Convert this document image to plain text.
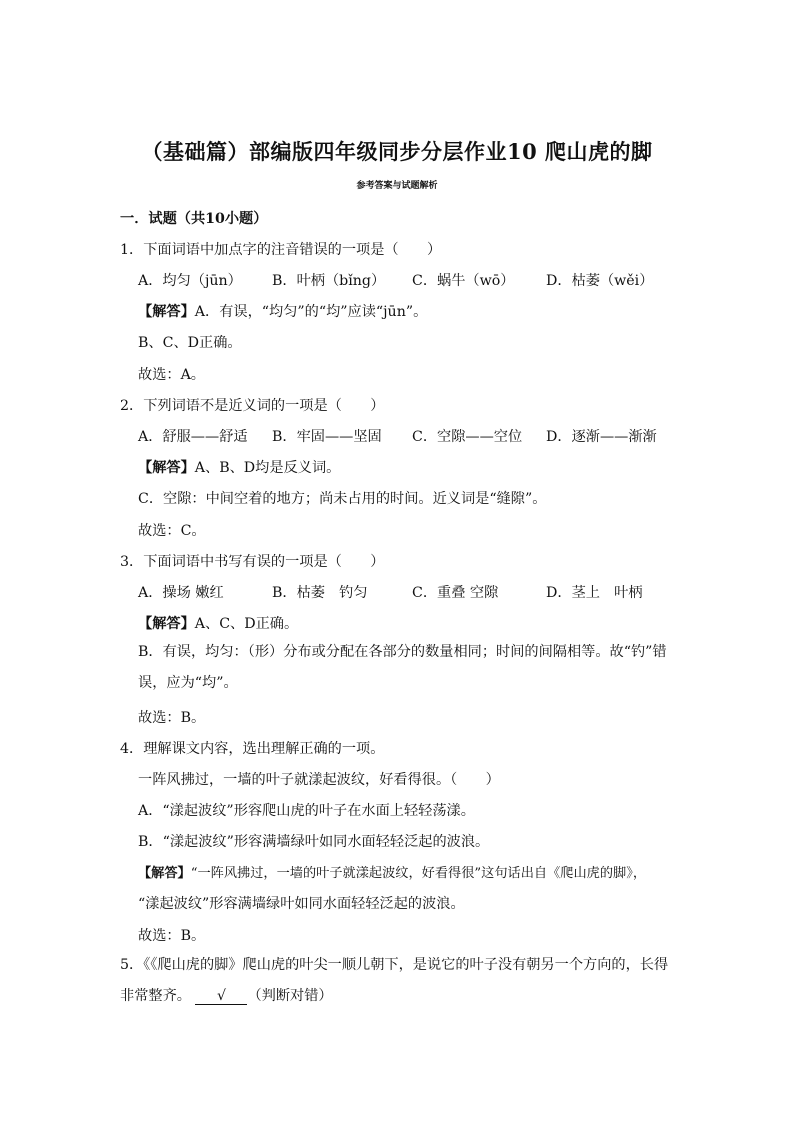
（基础篇）部编版四年级同步分层作业10 爬山虎的脚
参考答案与试题解析
一．试题（共10小题）
1．下面词语中加点字的注音错误的一项是（　　）
A．均匀（jūn） B．叶柄（bǐng） C．蜗牛（wō） D．枯萎（wěi）
【解答】A．有误，“均匀”的“均”应读“jūn”。
B、C、D正确。
故选：A。
2．下列词语不是近义词的一项是（　　）
A．舒服——舒适 B．牢固——坚固 C．空隙——空位 D．逐渐——渐渐
【解答】A、B、D均是反义词。
C．空隙：中间空着的地方；尚未占用的时间。近义词是“缝隙”。
故选：C。
3．下面词语中书写有误的一项是（　　）
A．操场 嫩红	B．枯萎　钓匀	C．重叠 空隙	D．茎上　叶柄
【解答】A、C、D正确。
B．有误，均匀：（形）分布或分配在各部分的数量相同；时间的间隔相等。故“钓”错误，应为“均”。
故选：B。
4．理解课文内容，选出理解正确的一项。
一阵风拂过，一墙的叶子就漾起波纹，好看得很。（　　）
A．“漾起波纹”形容爬山虎的叶子在水面上轻轻荡漾。
B．“漾起波纹”形容满墙绿叶如同水面轻轻泛起的波浪。
【解答】“一阵风拂过，一墙的叶子就漾起波纹，好看得很”这句话出自《爬山虎的脚》，
“漾起波纹”形容满墙绿叶如同水面轻轻泛起的波浪。
故选：B。
5．《《爬山虎的脚》爬山虎的叶尖一顺儿朝下，是说它的叶子没有朝另一个方向的，长得非常整齐。 √ （判断对错）
